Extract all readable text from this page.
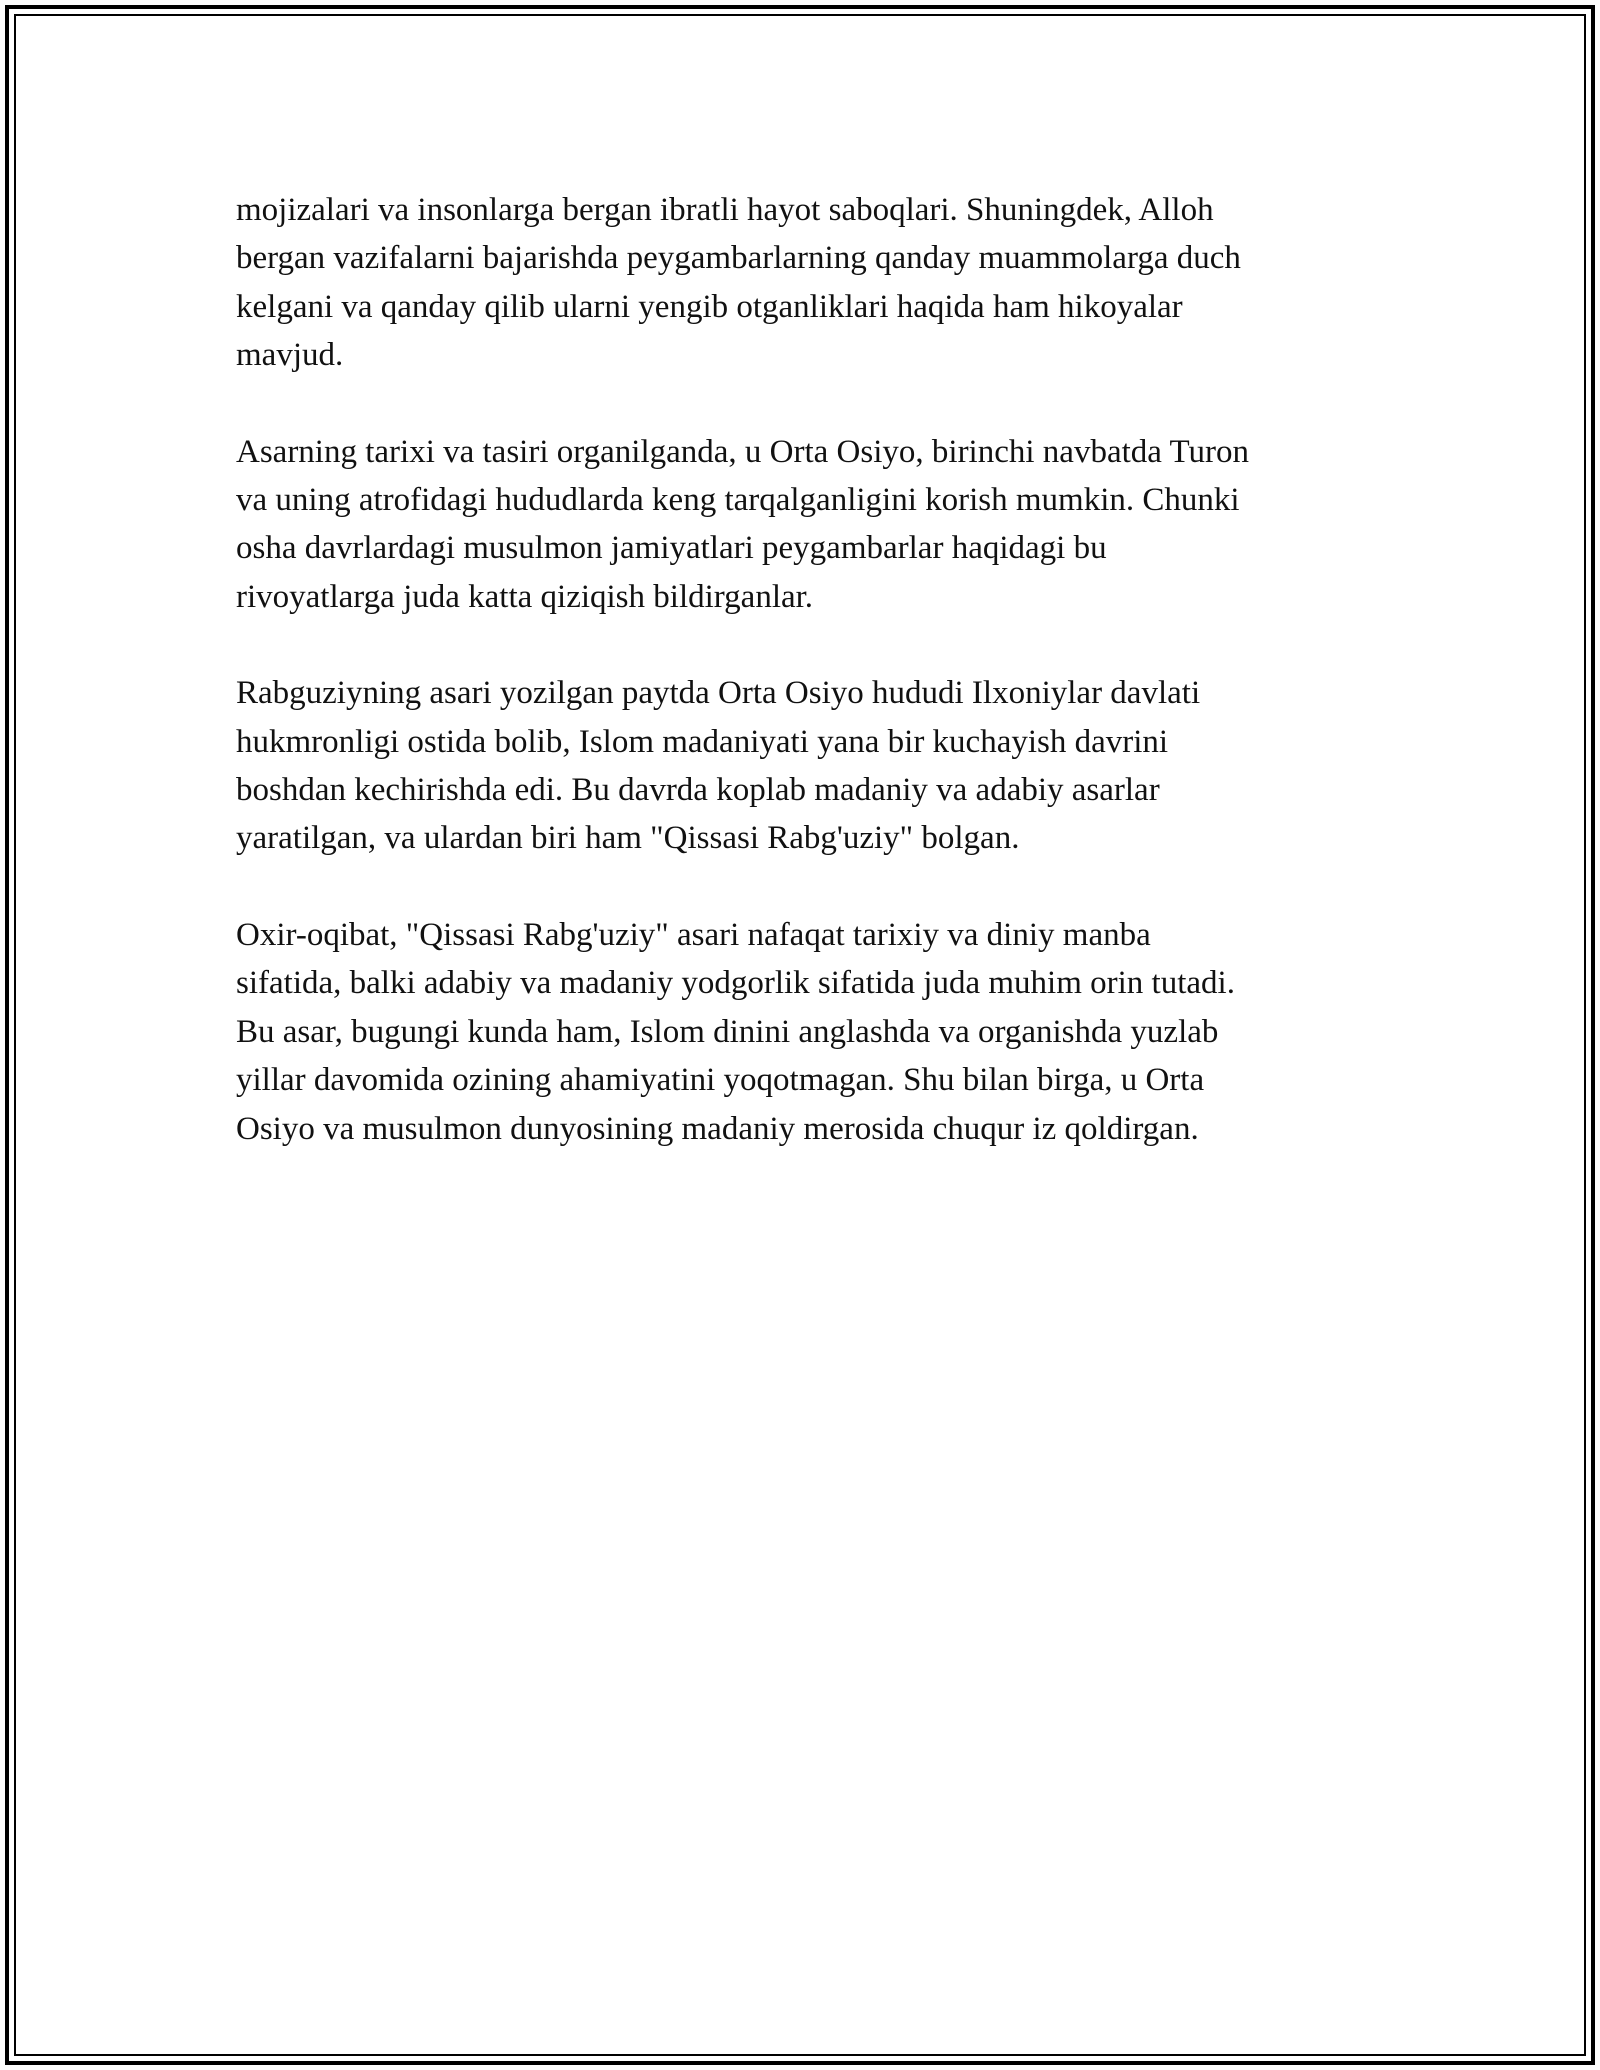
mojizalari va insonlarga bergan ibratli hayot saboqlari. Shuningdek, Alloh
bergan vazifalarni bajarishda peygambarlarning qanday muammolarga duch
kelgani va qanday qilib ularni yengib otganliklari haqida ham hikoyalar
mavjud.

Asarning tarixi va tasiri organilganda, u Orta Osiyo, birinchi navbatda Turon
va uning atrofidagi hududlarda keng tarqalganligini korish mumkin. Chunki
osha davrlardagi musulmon jamiyatlari peygambarlar haqidagi bu
rivoyatlarga juda katta qiziqish bildirganlar.

Rabguziyning asari yozilgan paytda Orta Osiyo hududi Ilxoniylar davlati
hukmronligi ostida bolib, Islom madaniyati yana bir kuchayish davrini
boshdan kechirishda edi. Bu davrda koplab madaniy va adabiy asarlar
yaratilgan, va ulardan biri ham "Qissasi Rabg'uziy" bolgan.

Oxir-oqibat, "Qissasi Rabg'uziy" asari nafaqat tarixiy va diniy manba
sifatida, balki adabiy va madaniy yodgorlik sifatida juda muhim orin tutadi.
Bu asar, bugungi kunda ham, Islom dinini anglashda va organishda yuzlab
yillar davomida ozining ahamiyatini yoqotmagan. Shu bilan birga, u Orta
Osiyo va musulmon dunyosining madaniy merosida chuqur iz qoldirgan.
